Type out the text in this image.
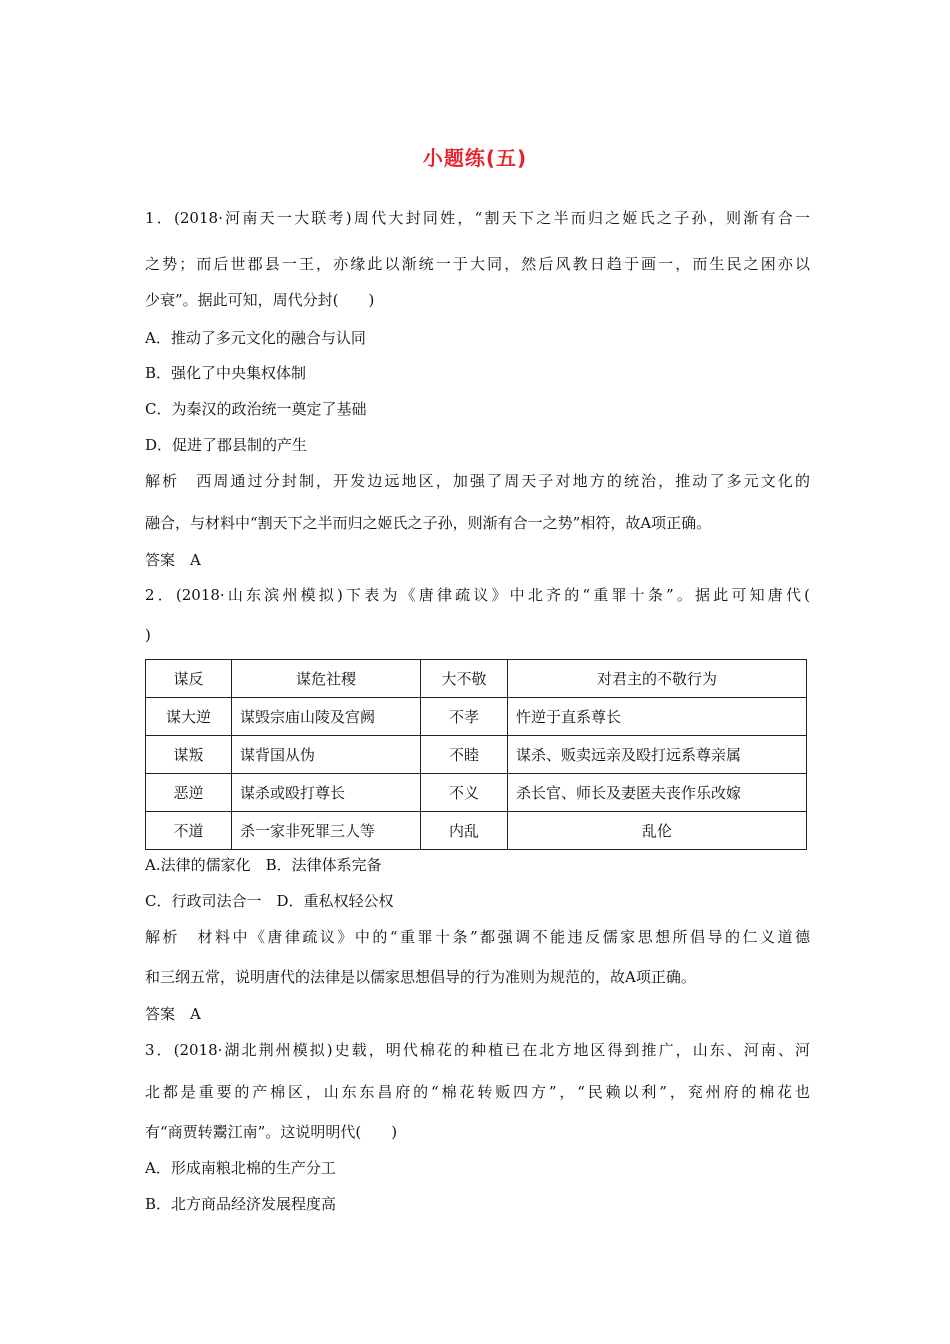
小题练(五)
1．(2018·河南天一大联考)周代大封同姓，“割天下之半而归之姬氏之子孙，则渐有合一
之势；而后世郡县一王，亦缘此以渐统一于大同，然后风教日趋于画一，而生民之困亦以
少衰”。据此可知，周代分封(　　)
A．推动了多元文化的融合与认同
B．强化了中央集权体制
C．为秦汉的政治统一奠定了基础
D．促进了郡县制的产生
解析　西周通过分封制，开发边远地区，加强了周天子对地方的统治，推动了多元文化的
融合，与材料中“割天下之半而归之姬氏之子孙，则渐有合一之势”相符，故A项正确。
答案　A
2．(2018·山东滨州模拟)下表为《唐律疏议》中北齐的“重罪十条”。据此可知唐代(
)
谋反	谋危社稷	大不敬	对君主的不敬行为
谋大逆	谋毁宗庙山陵及宫阙	不孝	忤逆于直系尊长
谋叛	谋背国从伪	不睦	谋杀、贩卖远亲及殴打远系尊亲属
恶逆	谋杀或殴打尊长	不义	杀长官、师长及妻匿夫丧作乐改嫁
不道	杀一家非死罪三人等	内乱	乱伦
A.法律的儒家化　B．法律体系完备
C．行政司法合一　D．重私权轻公权
解析　材料中《唐律疏议》中的“重罪十条”都强调不能违反儒家思想所倡导的仁义道德
和三纲五常，说明唐代的法律是以儒家思想倡导的行为准则为规范的，故A项正确。
答案　A
3．(2018·湖北荆州模拟)史载，明代棉花的种植已在北方地区得到推广，山东、河南、河
北都是重要的产棉区，山东东昌府的“棉花转贩四方”，“民赖以利”，兖州府的棉花也
有“商贾转鬻江南”。这说明明代(　　)
A．形成南粮北棉的生产分工
B．北方商品经济发展程度高
